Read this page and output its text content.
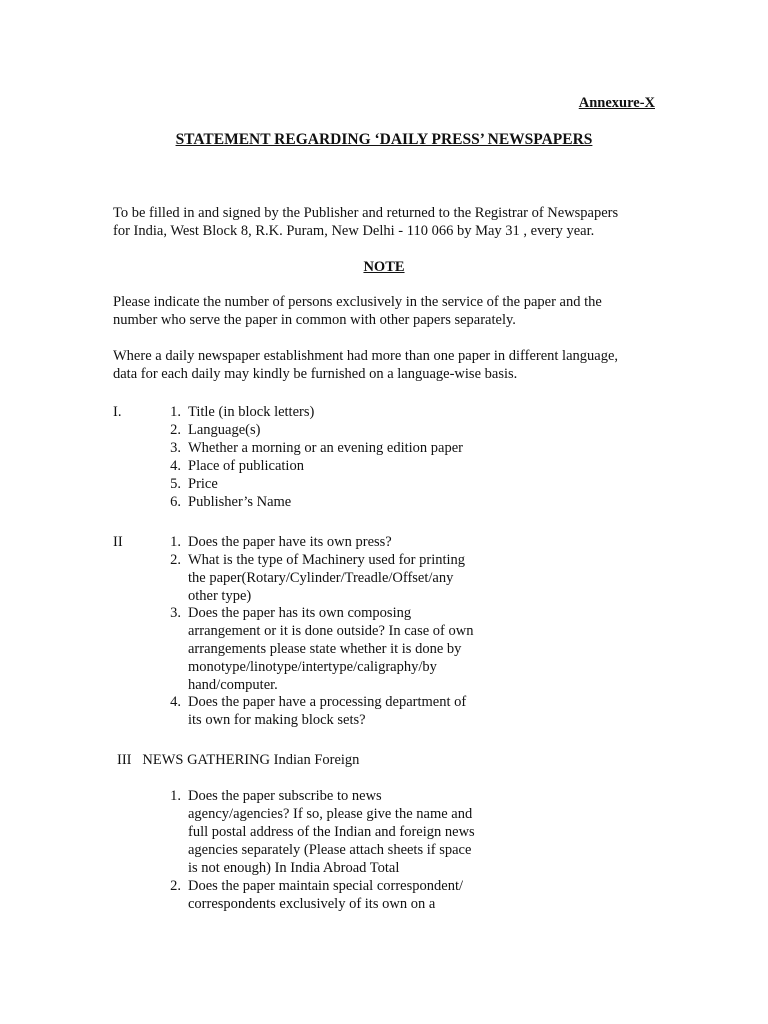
Annexure-X
STATEMENT REGARDING ‘DAILY PRESS’ NEWSPAPERS
To be filled in and signed by the Publisher and returned to the Registrar of Newspapers
for India, West Block 8, R.K. Puram, New Delhi - 110 066 by May 31 , every year.
NOTE
Please indicate the number of persons exclusively in the service of the paper and the
number who serve the paper in common with other papers separately.
Where a daily newspaper establishment had more than one paper in different language,
data for each daily may kindly be furnished on a language-wise basis.
I.	1. Title (in block letters)
2. Language(s)
3. Whether a morning or an evening edition paper
4. Place of publication
5. Price
6. Publisher’s Name
II	1. Does the paper have its own press?
2. What is the type of Machinery used for printing
the paper(Rotary/Cylinder/Treadle/Offset/any
other type)
3. Does the paper has its own composing
arrangement or it is done outside? In case of own
arrangements please state whether it is done by
monotype/linotype/intertype/caligraphy/by
hand/computer.
4. Does the paper have a processing department of
its own for making block sets?
III   NEWS GATHERING Indian Foreign
1. Does the paper subscribe to news
agency/agencies? If so, please give the name and
full postal address of the Indian and foreign news
agencies separately (Please attach sheets if space
is not enough) In India Abroad Total
2. Does the paper maintain special correspondent/
correspondents exclusively of its own on a
